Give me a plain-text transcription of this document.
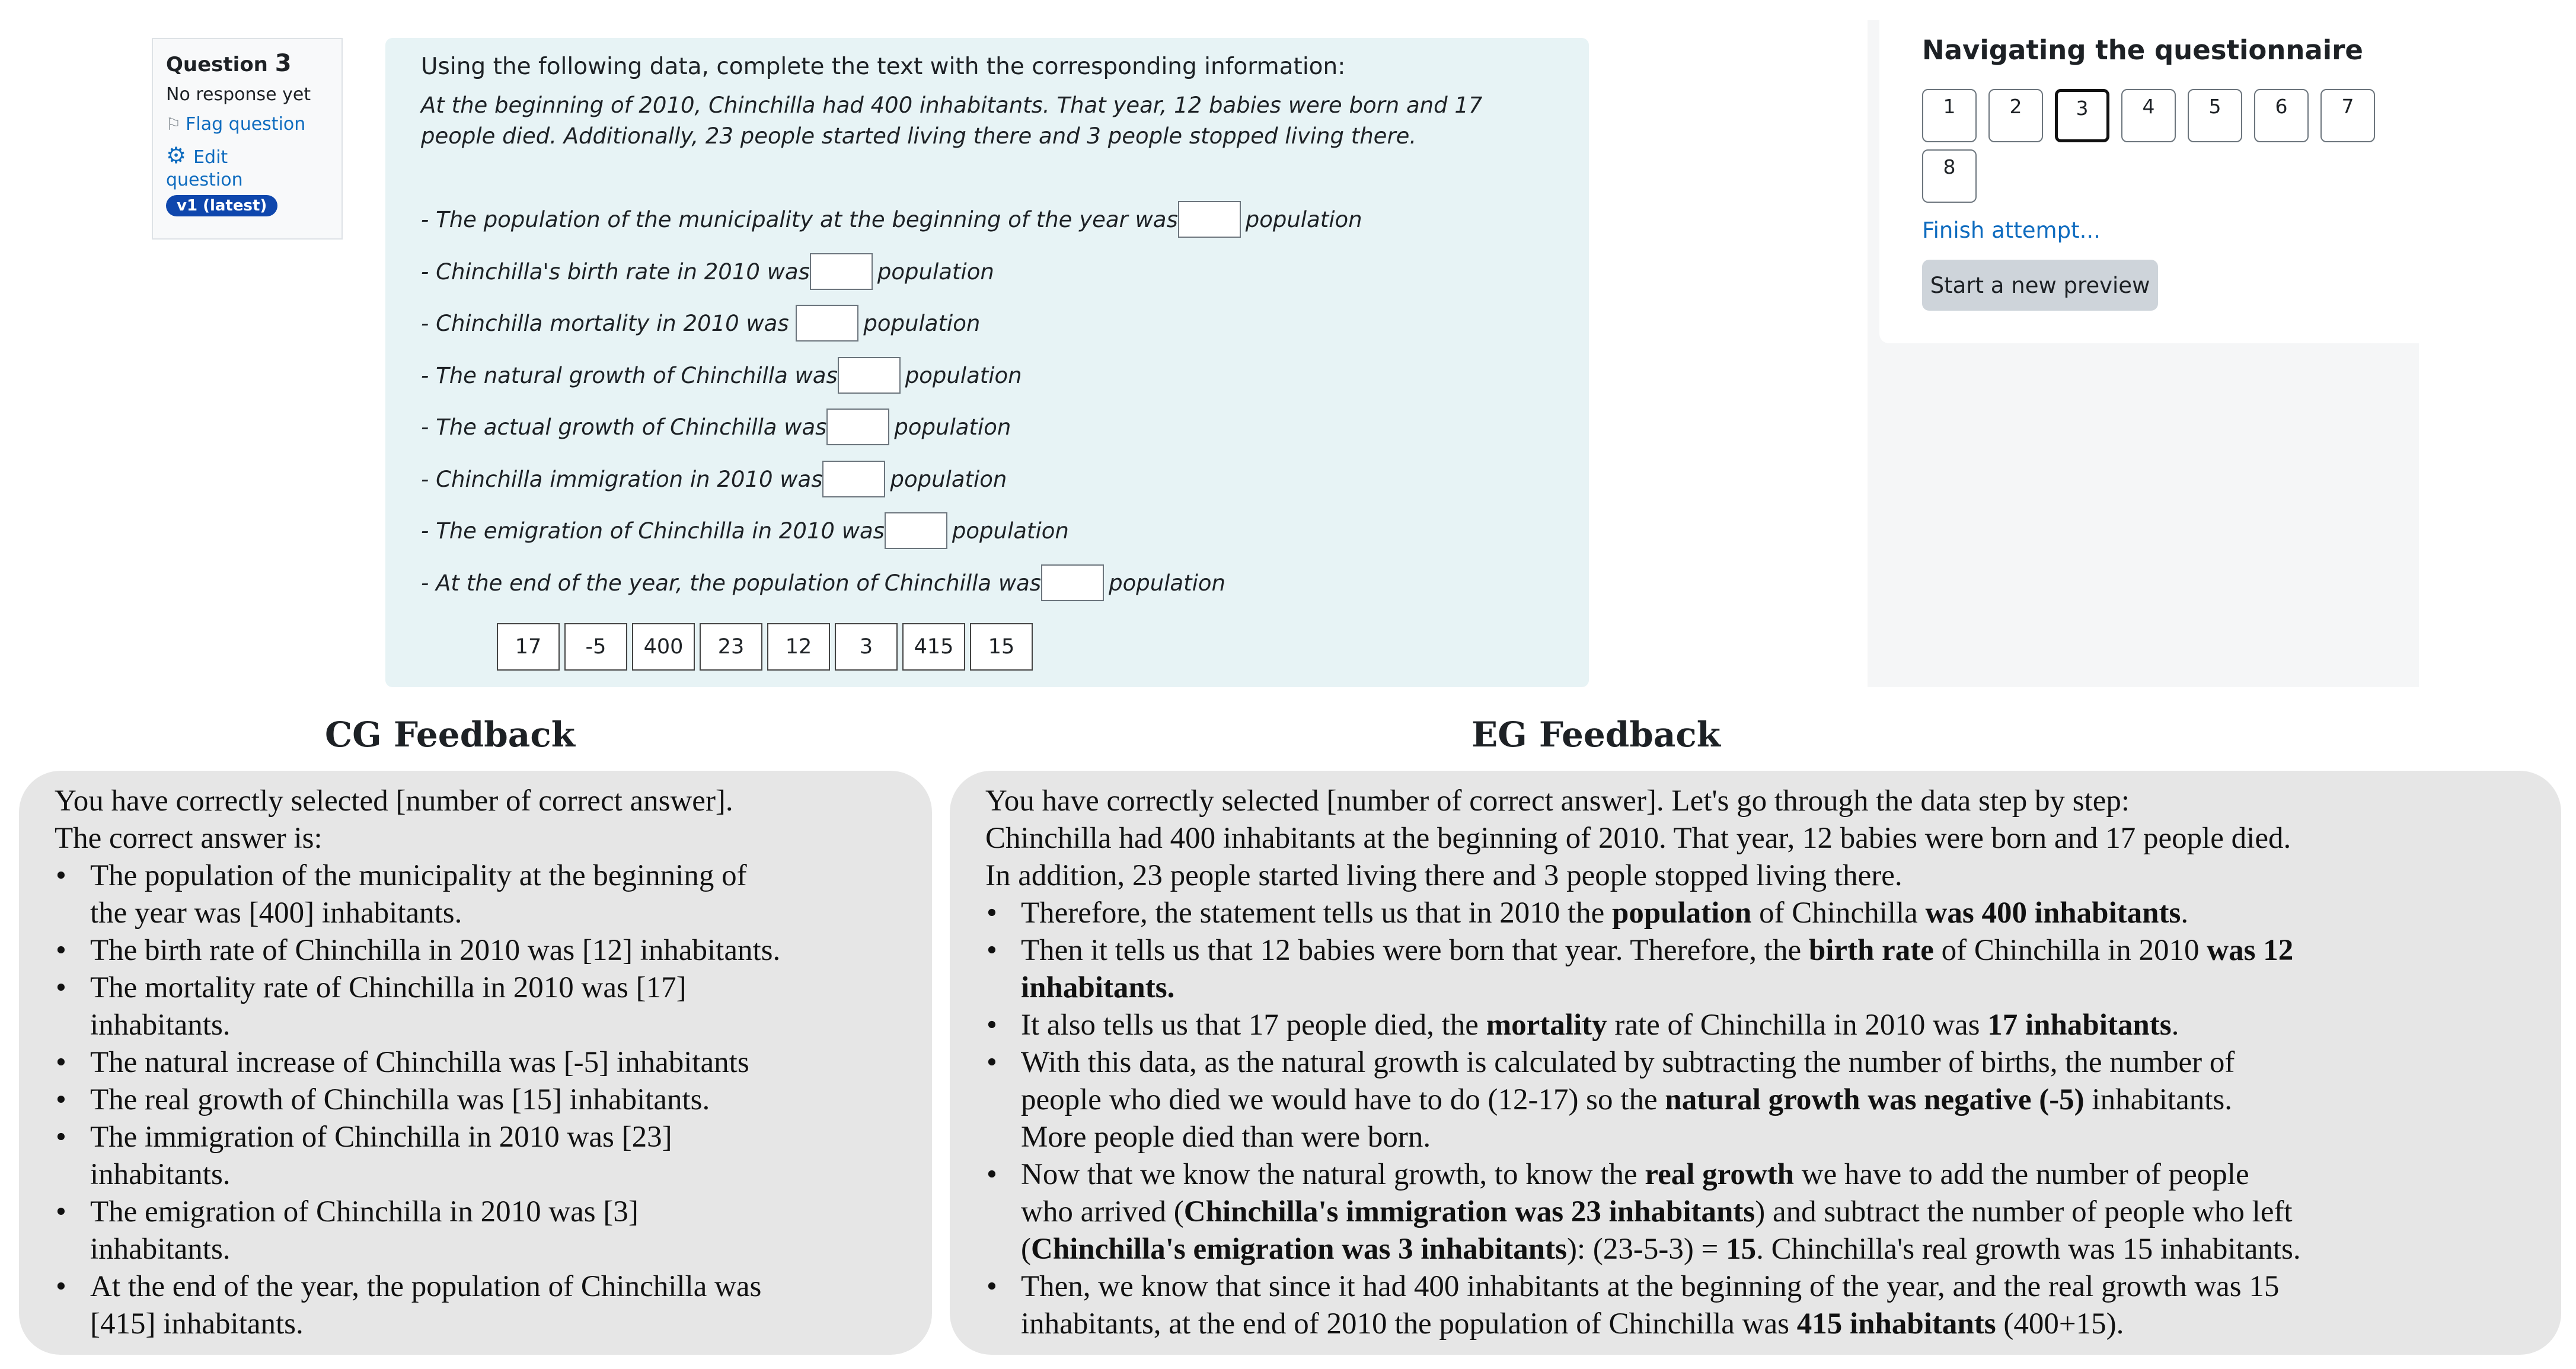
Question 3
No response yet
⚐ Flag question
⚙ Edit
question
v1 (latest)
Using the following data, complete the text with the corresponding information:
At the beginning of 2010, Chinchilla had 400 inhabitants. That year, 12 babies were born and 17 people died. Additionally, 23 people started living there and 3 people stopped living there.
- The population of the municipality at the beginning of the year was	population
- Chinchilla's birth rate in 2010 was	population
- Chinchilla mortality in 2010 was
	population
- The natural growth of Chinchilla was	population
- The actual growth of Chinchilla was	population
- Chinchilla immigration in 2010 was	population
- The emigration of Chinchilla in 2010 was	population
- At the end of the year, the population of Chinchilla was	population
17	-5	400	23	12	3	415	15
Navigating the questionnaire
1	2	3	4	5	6	7
8
Finish attempt...
Start a new preview
CG Feedback	EG Feedback
You have correctly selected [number of correct answer].
The correct answer is:
• The population of the municipality at the beginning of
the year was [400] inhabitants.
• The birth rate of Chinchilla in 2010 was [12] inhabitants.
• The mortality rate of Chinchilla in 2010 was [17]
inhabitants.
• The natural increase of Chinchilla was [-5] inhabitants
• The real growth of Chinchilla was [15] inhabitants.
• The immigration of Chinchilla in 2010 was [23]
inhabitants.
• The emigration of Chinchilla in 2010 was [3]
inhabitants.
• At the end of the year, the population of Chinchilla was
[415] inhabitants.
You have correctly selected [number of correct answer]. Let's go through the data step by step:
Chinchilla had 400 inhabitants at the beginning of 2010. That year, 12 babies were born and 17 people died.
In addition, 23 people started living there and 3 people stopped living there.
• Therefore, the statement tells us that in 2010 the population of Chinchilla was 400 inhabitants.
• Then it tells us that 12 babies were born that year. Therefore, the birth rate of Chinchilla in 2010 was 12
inhabitants.
• It also tells us that 17 people died, the mortality rate of Chinchilla in 2010 was 17 inhabitants.
• With this data, as the natural growth is calculated by subtracting the number of births, the number of
people who died we would have to do (12-17) so the natural growth was negative (-5) inhabitants.
More people died than were born.
• Now that we know the natural growth, to know the real growth we have to add the number of people
who arrived (Chinchilla's immigration was 23 inhabitants) and subtract the number of people who left
(Chinchilla's emigration was 3 inhabitants): (23-5-3) = 15. Chinchilla's real growth was 15 inhabitants.
• Then, we know that since it had 400 inhabitants at the beginning of the year, and the real growth was 15
inhabitants, at the end of 2010 the population of Chinchilla was 415 inhabitants (400+15).
